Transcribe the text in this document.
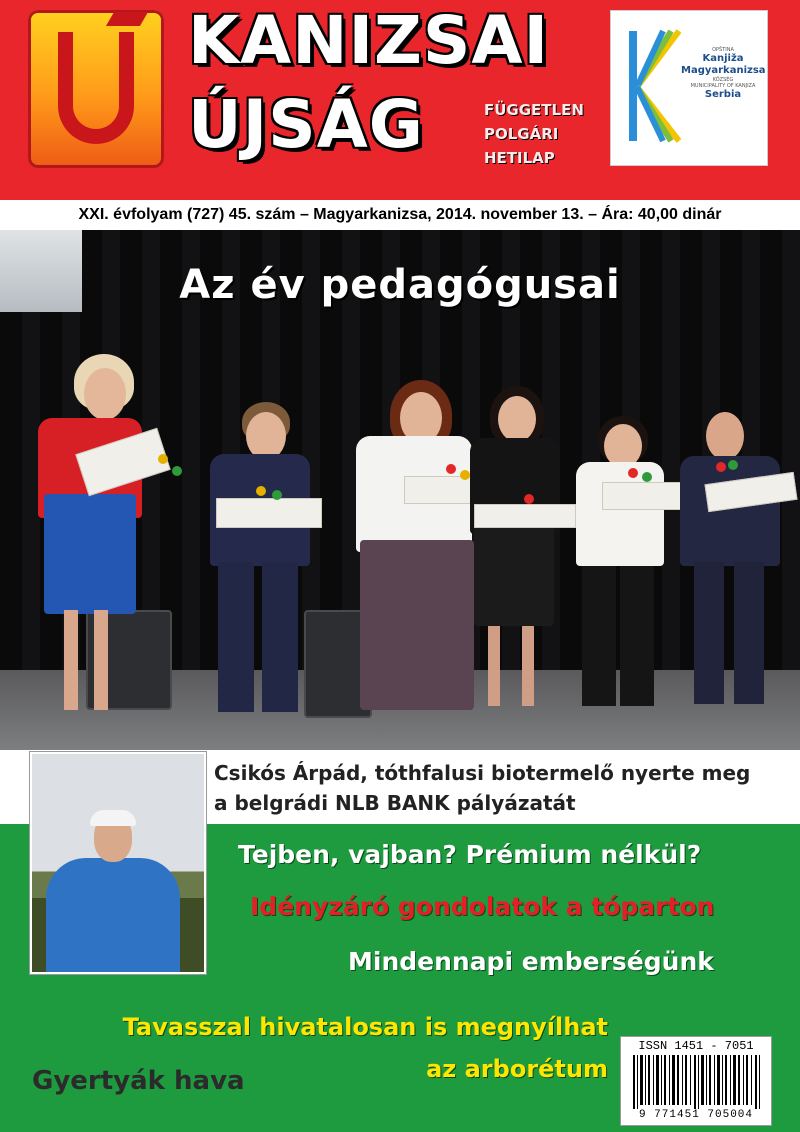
KANIZSAI
ÚJSÁG	FÜGGETLEN
POLGÁRI
HETILAP
OPŠTINA
Kanjiža
Magyarkanizsa
KÖZSÉG
MUNICIPALITY OF KANJIZA
Serbia
XXI. évfolyam (727) 45. szám – Magyarkanizsa, 2014. november 13. – Ára: 40,00 dinár
Az év pedagógusai
Csikós Árpád, tóthfalusi biotermelő nyerte meg
a belgrádi NLB BANK pályázatát
Tejben, vajban? Prémium nélkül?
Idényzáró gondolatok a tóparton
Mindennapi emberségünk
Tavasszal hivatalosan is megnyílhat
az arborétum
Gyertyák hava
ISSN 1451 - 7051
9 771451 705004
